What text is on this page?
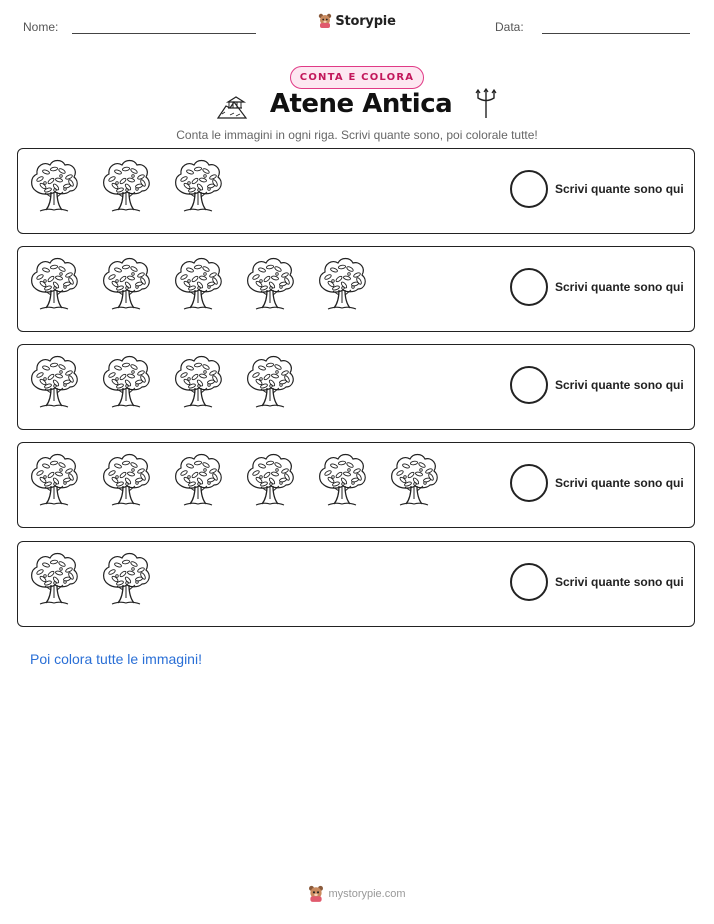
Nome:	Storypie	Data:
CONTA E COLORA
Atene Antica
Conta le immagini in ogni riga. Scrivi quante sono, poi colorale tutte!
Scrivi quante sono qui
Scrivi quante sono qui
Scrivi quante sono qui
Scrivi quante sono qui
Scrivi quante sono qui
Poi colora tutte le immagini!
mystorypie.com
